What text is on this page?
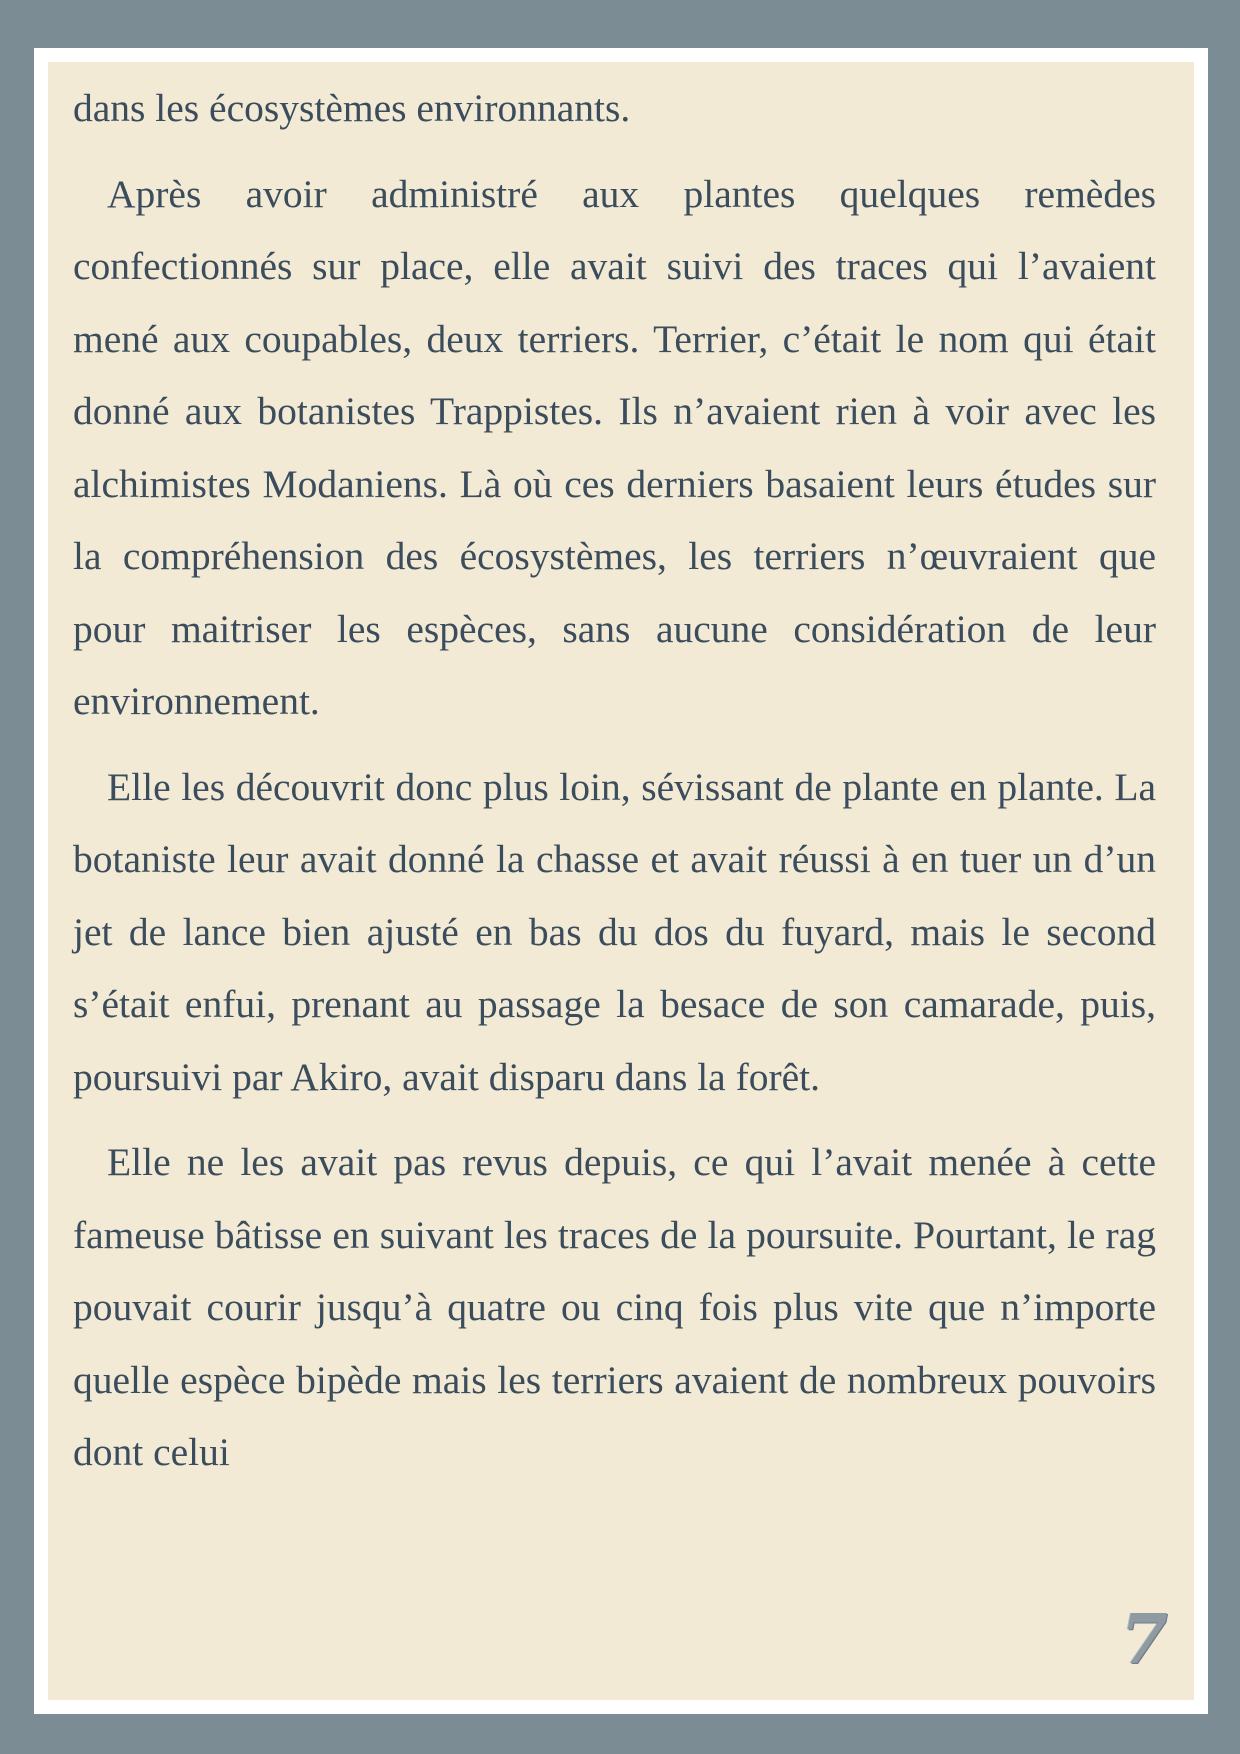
dans les écosystèmes environnants.

Après avoir administré aux plantes quelques remèdes confectionnés sur place, elle avait suivi des traces qui l’avaient mené aux coupables, deux terriers. Terrier, c’était le nom qui était donné aux botanistes Trappistes. Ils n’avaient rien à voir avec les alchimistes Modaniens. Là où ces derniers basaient leurs études sur la compréhension des écosystèmes, les terriers n’œuvraient que pour maitriser les espèces, sans aucune considération de leur environnement.

Elle les découvrit donc plus loin, sévissant de plante en plante. La botaniste leur avait donné la chasse et avait réussi à en tuer un d’un jet de lance bien ajusté en bas du dos du fuyard, mais le second s’était enfui, prenant au passage la besace de son camarade, puis, poursuivi par Akiro, avait disparu dans la forêt.

Elle ne les avait pas revus depuis, ce qui l’avait menée à cette fameuse bâtisse en suivant les traces de la poursuite. Pourtant, le rag pouvait courir jusqu’à quatre ou cinq fois plus vite que n’importe quelle espèce bipède mais les terriers avaient de nombreux pouvoirs dont celui

7
